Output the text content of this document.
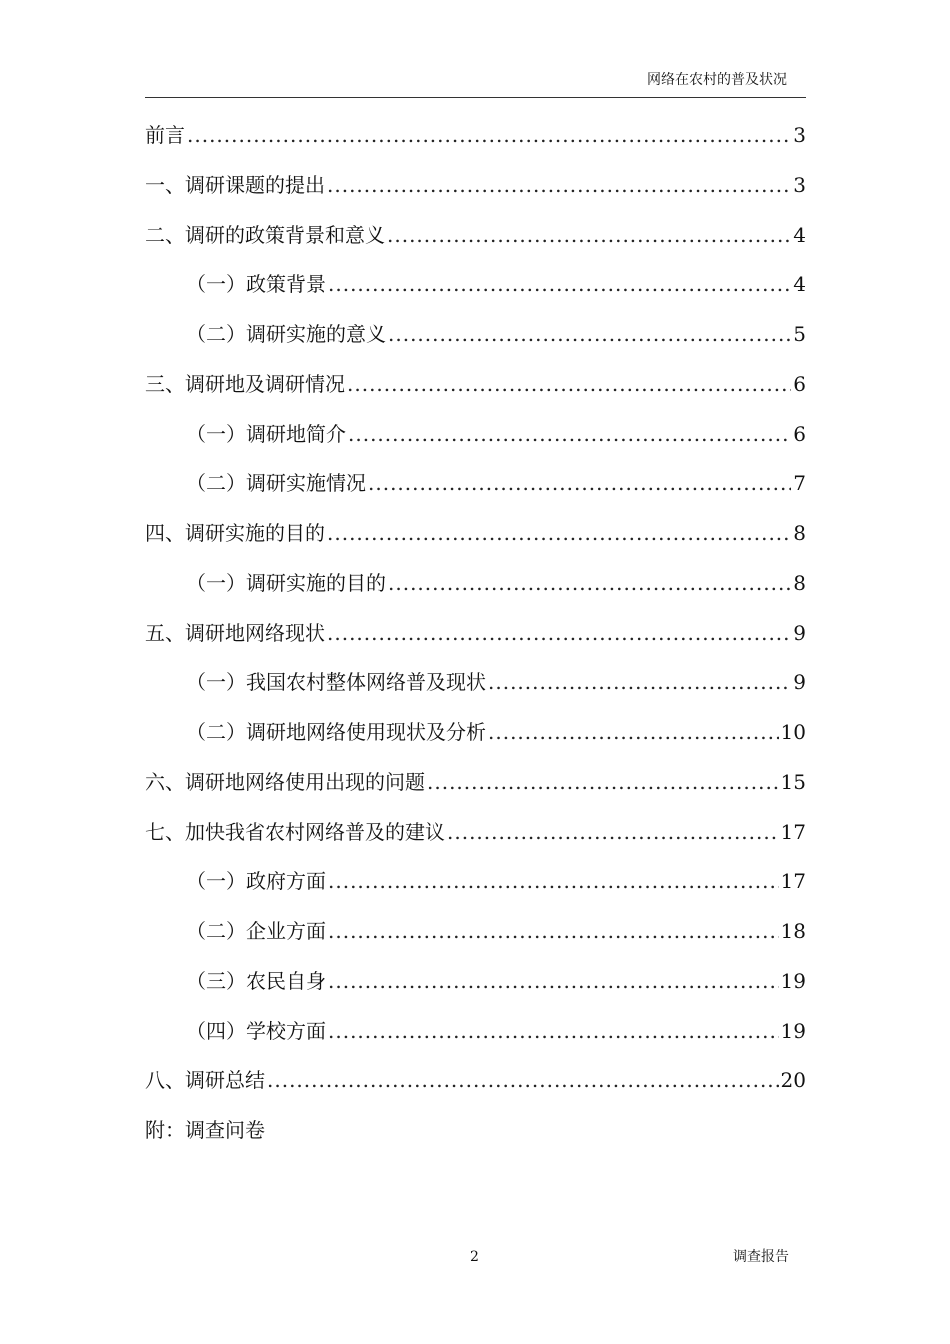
网络在农村的普及状况
前言 .....	3
一、调研课题的提出 .....	3
二、调研的政策背景和意义 .....	4
（一）政策背景 .....	4
（二）调研实施的意义 .....	5
三、调研地及调研情况 .....	6
（一）调研地简介 .....	6
（二）调研实施情况 .....	7
四、调研实施的目的 .....	8
（一）调研实施的目的 .....	8
五、调研地网络现状 .....	9
（一）我国农村整体网络普及现状 .....	9
（二）调研地网络使用现状及分析 .....	10
六、调研地网络使用出现的问题 .....	15
七、加快我省农村网络普及的建议 .....	17
（一）政府方面 .....	17
（二）企业方面 .....	18
（三）农民自身 .....	19
（四）学校方面 .....	19
八、调研总结 .....	20
附：调查问卷
2	调查报告
